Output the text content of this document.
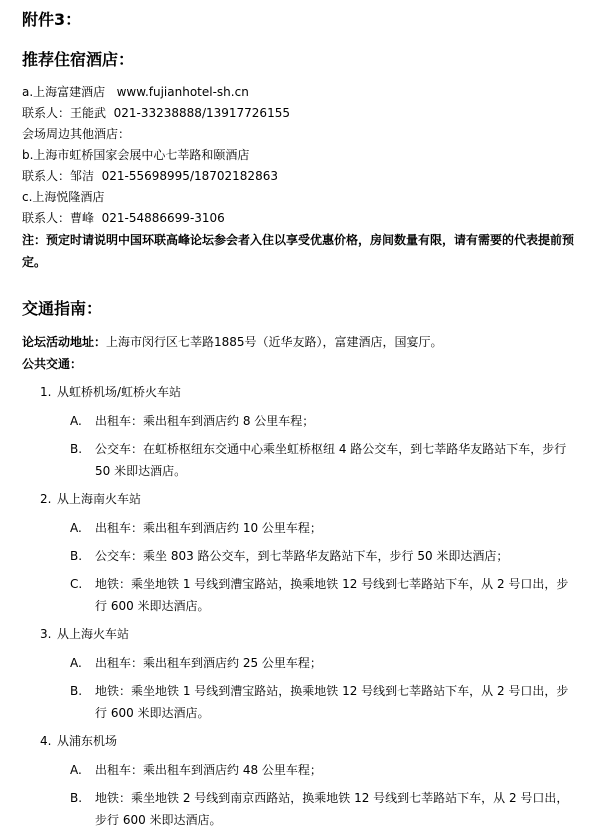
附件3：
推荐住宿酒店：

a.上海富建酒店   www.fujianhotel-sh.cn

联系人：王能武  021-33238888/13917726155

会场周边其他酒店：

b.上海市虹桥国家会展中心七莘路和颐酒店

联系人：邹洁  021-55698995/18702182863

c.上海悦隆酒店

联系人：曹峰  021-54886699-3106

注：预定时请说明中国环联高峰论坛参会者入住以享受优惠价格，房间数量有限，请有需要的代表提前预定。

交通指南：

论坛活动地址：上海市闵行区七莘路1885号（近华友路），富建酒店，国宴厅。

公共交通：

1. 从虹桥机场/虹桥火车站
A.	出租车：乘出租车到酒店约 8 公里车程；
B.	公交车：在虹桥枢纽东交通中心乘坐虹桥枢纽 4 路公交车，到七莘路华友路站下车，步行 50 米即达酒店。
2. 从上海南火车站
A.	出租车：乘出租车到酒店约 10 公里车程；
B.	公交车：乘坐 803 路公交车，到七莘路华友路站下车，步行 50 米即达酒店；
C.	地铁：乘坐地铁 1 号线到漕宝路站，换乘地铁 12 号线到七莘路站下车，从 2 号口出，步行 600 米即达酒店。
3. 从上海火车站
A.	出租车：乘出租车到酒店约 25 公里车程；
B.	地铁：乘坐地铁 1 号线到漕宝路站，换乘地铁 12 号线到七莘路站下车，从 2 号口出，步行 600 米即达酒店。
4. 从浦东机场
A.	出租车：乘出租车到酒店约 48 公里车程；
B.	地铁：乘坐地铁 2 号线到南京西路站，换乘地铁 12 号线到七莘路站下车，从 2 号口出，步行 600 米即达酒店。
